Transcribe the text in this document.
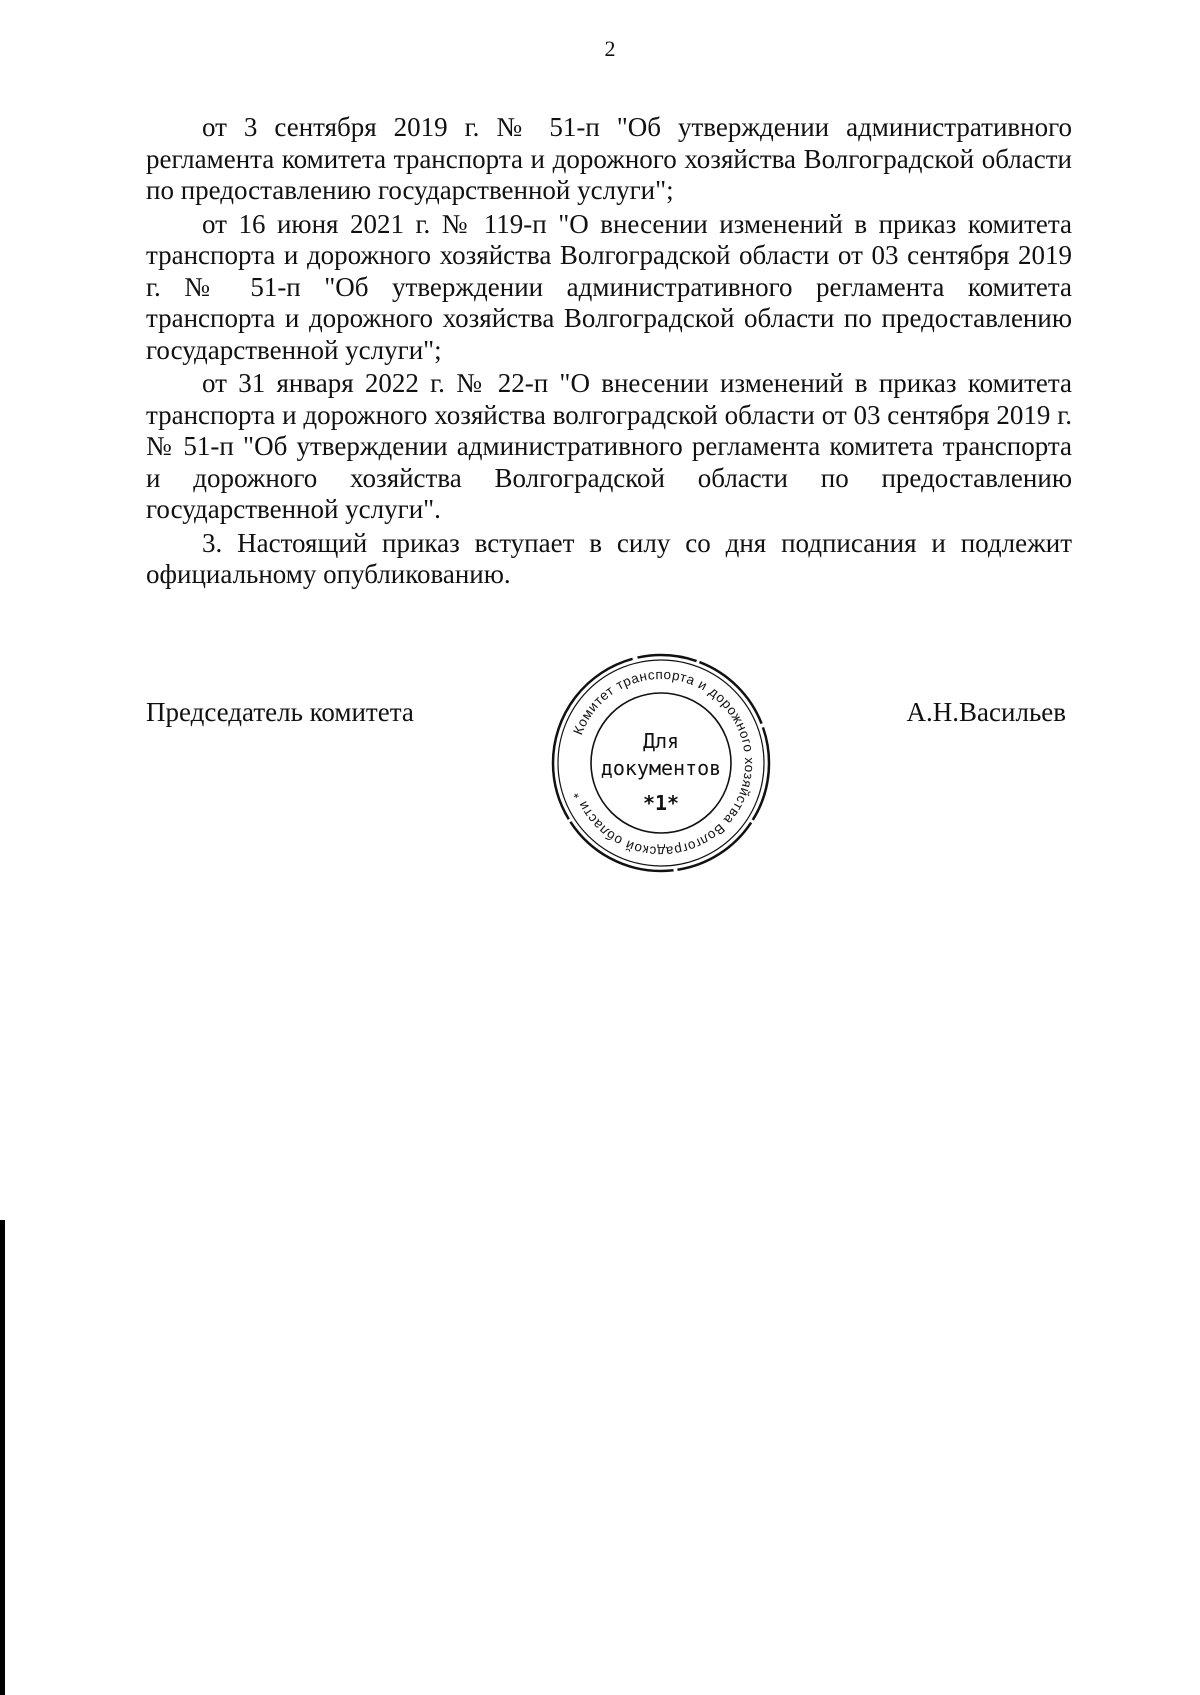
2

от 3 сентября 2019 г. № 51-п "Об утверждении административного регламента комитета транспорта и дорожного хозяйства Волгоградской области по предоставлению государственной услуги";

от 16 июня 2021 г. № 119-п "О внесении изменений в приказ комитета транспорта и дорожного хозяйства Волгоградской области от 03 сентября 2019 г. № 51-п "Об утверждении административного регламента комитета транспорта и дорожного хозяйства Волгоградской области по предоставлению государственной услуги";

от 31 января 2022 г. № 22-п "О внесении изменений в приказ комитета транспорта и дорожного хозяйства волгоградской области от 03 сентября 2019 г. № 51-п "Об утверждении административного регламента комитета транспорта и дорожного хозяйства Волгоградской области по предоставлению государственной услуги".

3. Настоящий приказ вступает в силу со дня подписания и подлежит официальному опубликованию.

Председатель комитета	А.Н.Васильев
Комитет транспорта и дорожного хозяйства Волгоградской области *
Для
документов
*1*
